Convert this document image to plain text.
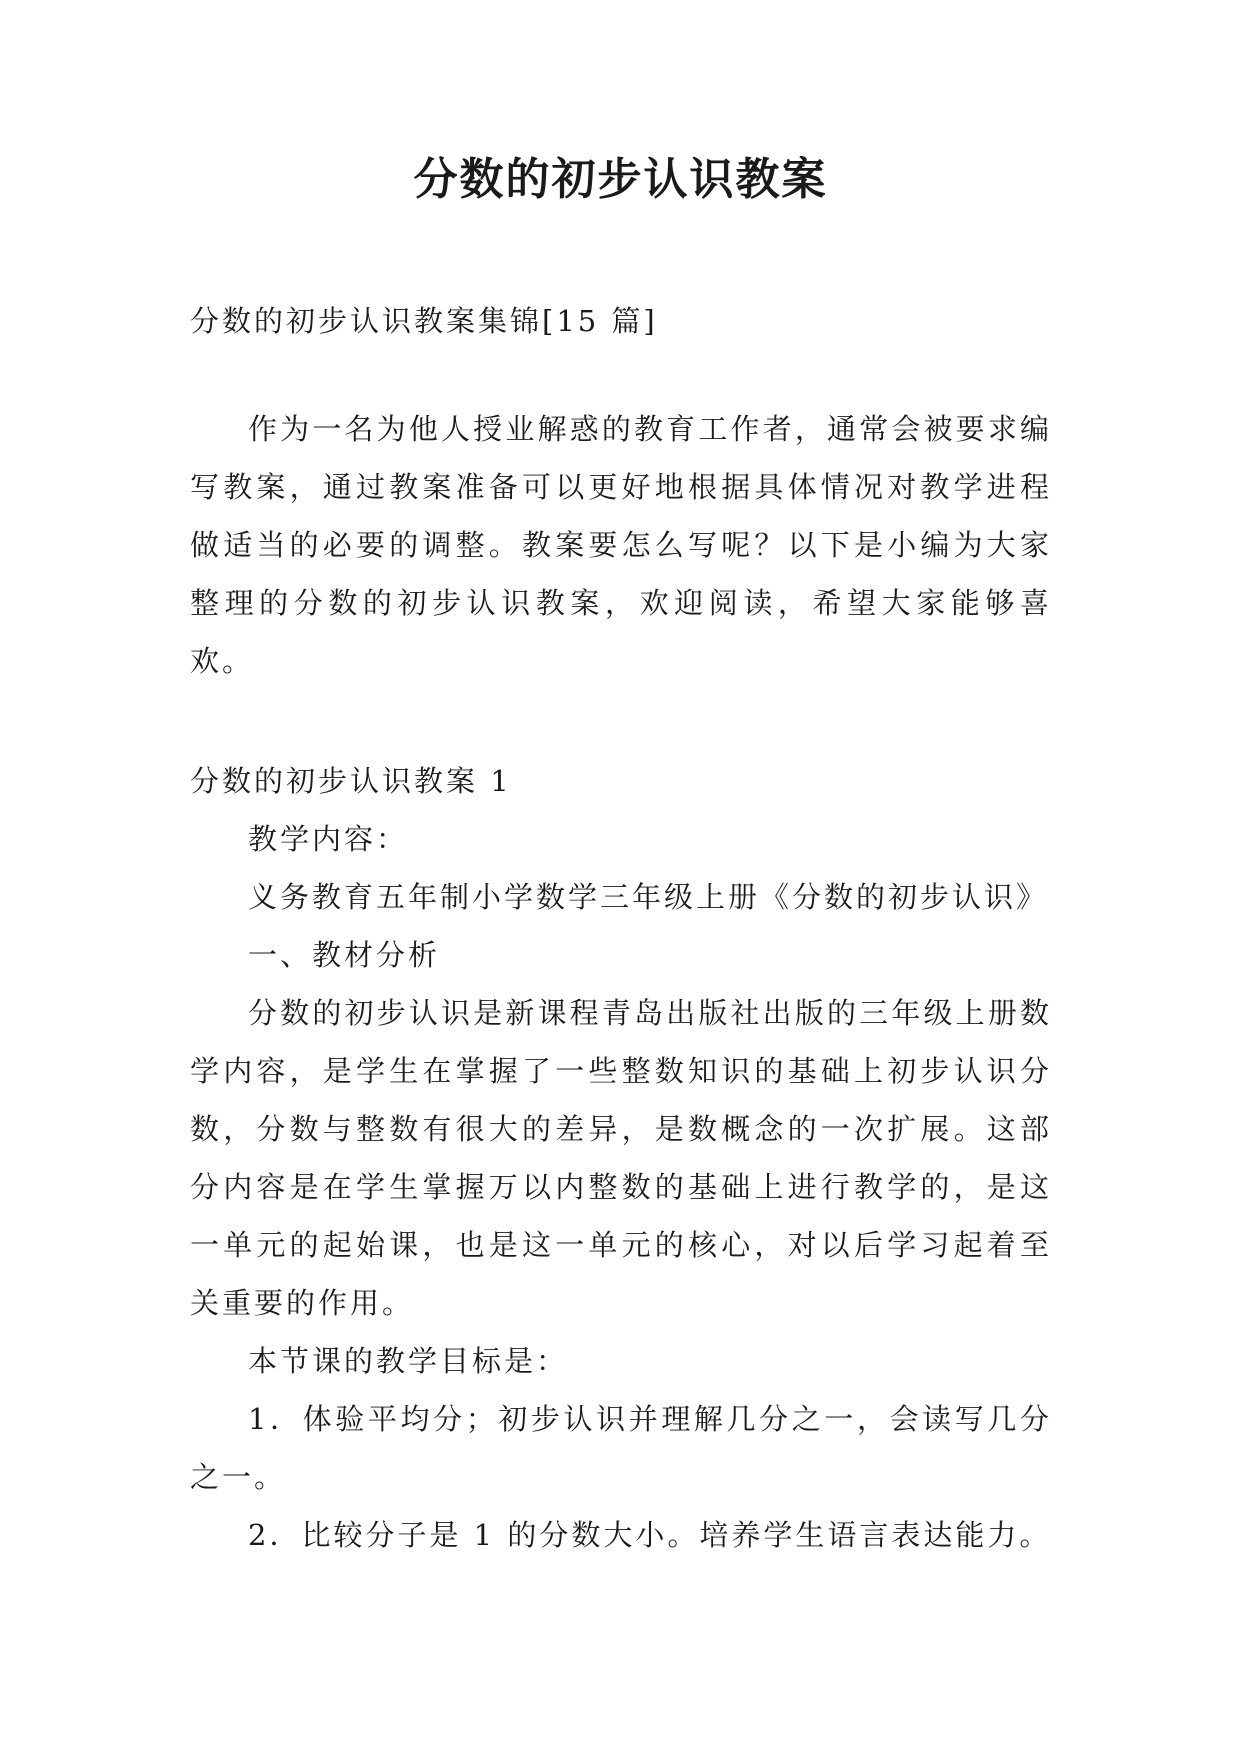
分数的初步认识教案

分数的初步认识教案集锦[15 篇]

作为一名为他人授业解惑的教育工作者，通常会被要求编写教案，通过教案准备可以更好地根据具体情况对教学进程做适当的必要的调整。教案要怎么写呢？以下是小编为大家整理的分数的初步认识教案，欢迎阅读，希望大家能够喜欢。

分数的初步认识教案 1

教学内容：

义务教育五年制小学数学三年级上册《分数的初步认识》

一、教材分析

分数的初步认识是新课程青岛出版社出版的三年级上册数学内容，是学生在掌握了一些整数知识的基础上初步认识分数，分数与整数有很大的差异，是数概念的一次扩展。这部分内容是在学生掌握万以内整数的基础上进行教学的，是这一单元的起始课，也是这一单元的核心，对以后学习起着至关重要的作用。

本节课的教学目标是：

1．体验平均分；初步认识并理解几分之一，会读写几分之一。

2．比较分子是 1 的分数大小。培养学生语言表达能力。
